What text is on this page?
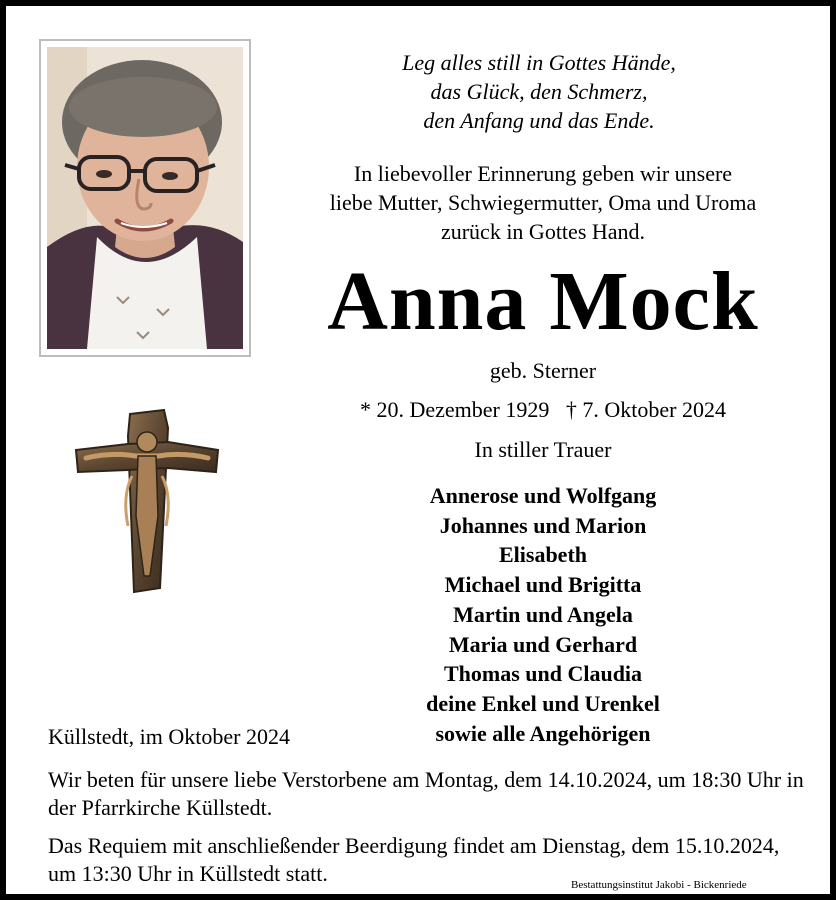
Leg alles still in Gottes Hände,
das Glück, den Schmerz,
den Anfang und das Ende.
In liebevoller Erinnerung geben wir unsere
liebe Mutter, Schwiegermutter, Oma und Uroma
zurück in Gottes Hand.
Anna Mock
geb. Sterner
* 20. Dezember 1929   † 7. Oktober 2024
In stiller Trauer
Annerose und Wolfgang
Johannes und Marion
Elisabeth
Michael und Brigitta
Martin und Angela
Maria und Gerhard
Thomas und Claudia
deine Enkel und Urenkel
sowie alle Angehörigen
Küllstedt, im Oktober 2024
Wir beten für unsere liebe Verstorbene am Montag, dem 14.10.2024, um 18:30 Uhr in der Pfarrkirche Küllstedt.
Das Requiem mit anschließender Beerdigung findet am Dienstag, dem 15.10.2024, um 13:30 Uhr in Küllstedt statt.	Bestattungsinstitut Jakobi - Bickenriede
